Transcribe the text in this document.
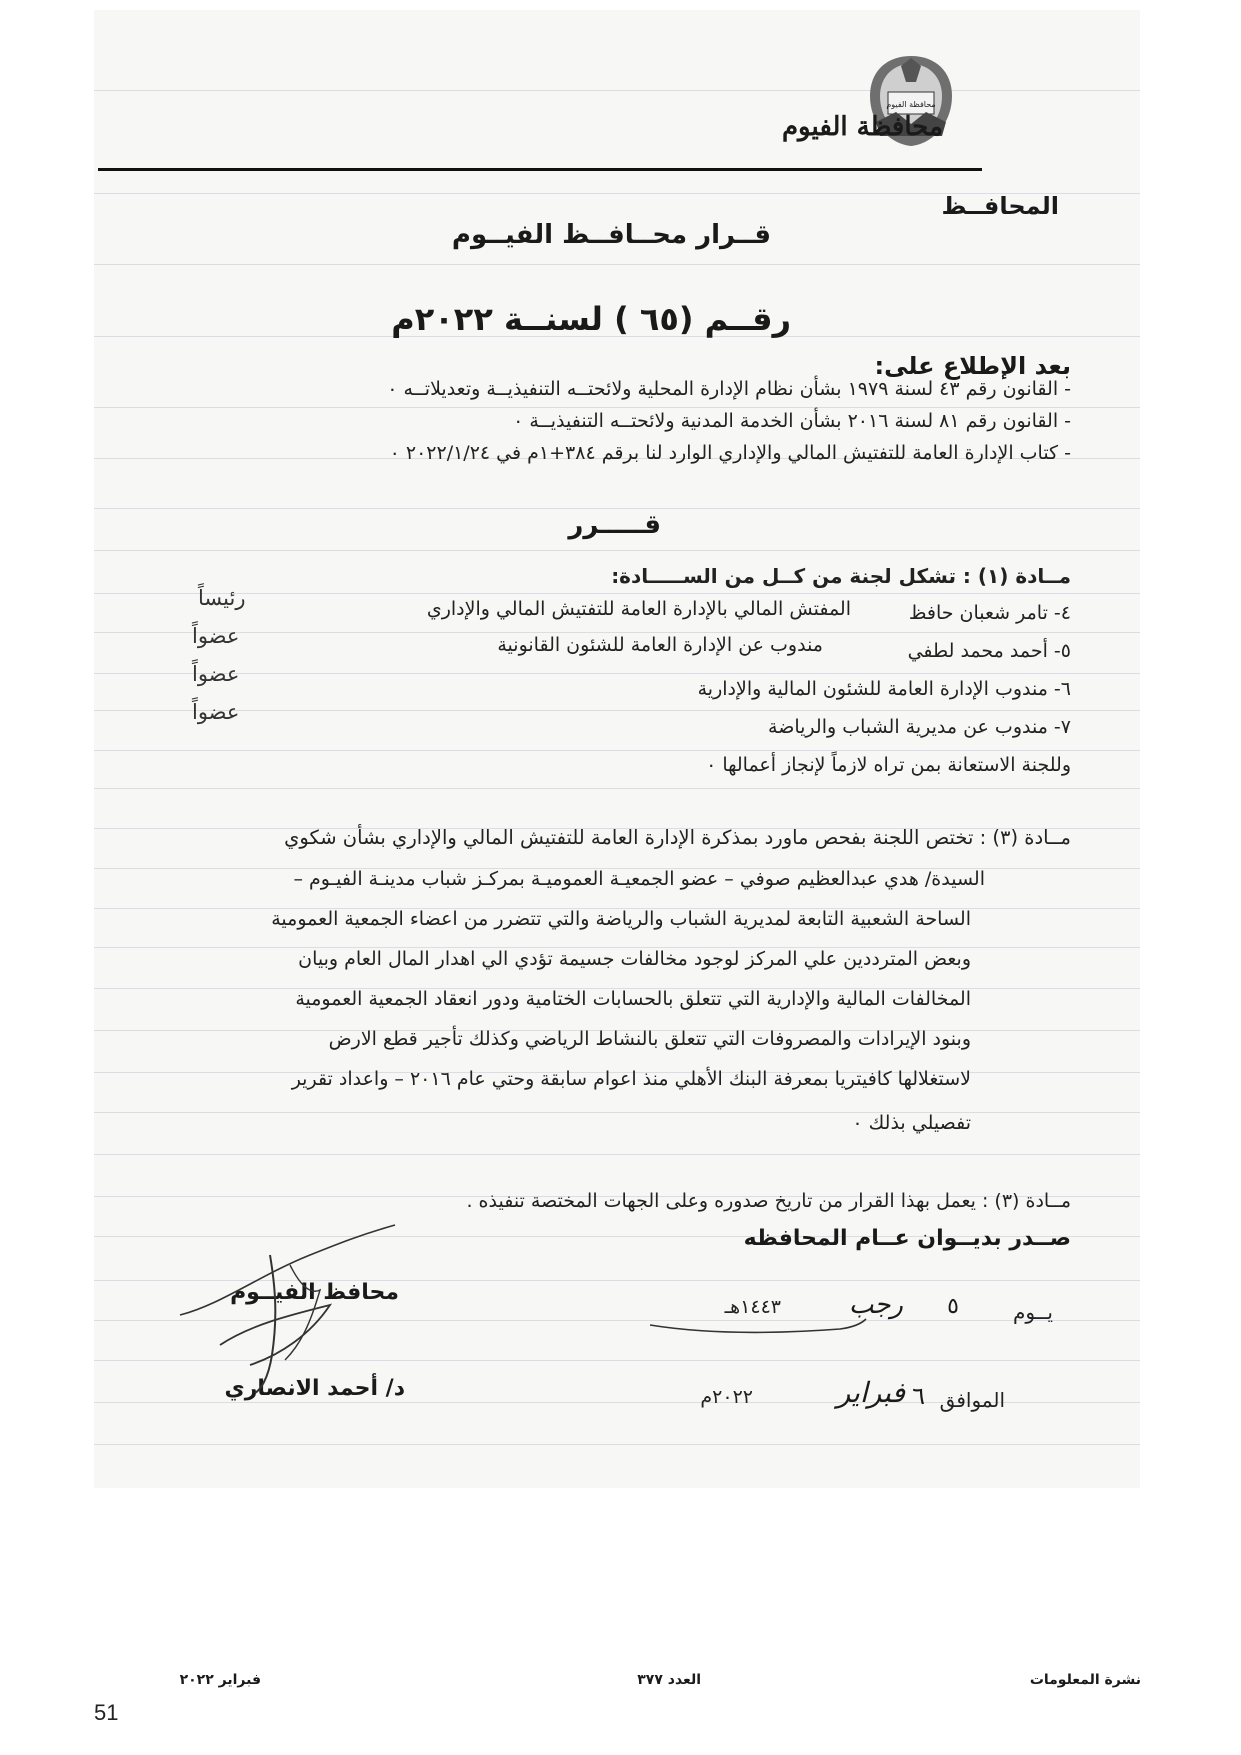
محافظة الفيوم
محافظة الفيوم
المحافــظ
قــرار محــافــظ الفيــوم
رقــم (٦٥ ) لسنــة ٢٠٢٢م
بعد الإطلاع على:
- القانون رقم ٤٣ لسنة ١٩٧٩ بشأن نظام الإدارة المحلية ولائحتــه التنفيذيــة وتعديلاتــه ٠
- القانون رقم ٨١ لسنة ٢٠١٦ بشأن الخدمة المدنية ولائحتــه التنفيذيــة ٠
- كتاب الإدارة العامة للتفتيش المالي والإداري الوارد لنا برقم ٣٨٤+١م في ٢٠٢٢/١/٢٤ ٠
قـــــرر
مــادة (١) : تشكل لجنة من كــل من الســـــادة:
٤- تامر شعبان حافظ
المفتش المالي بالإدارة العامة للتفتيش المالي والإداري
رئيساً
٥- أحمد محمد لطفي
مندوب عن الإدارة العامة للشئون القانونية
عضواً
٦- مندوب الإدارة العامة للشئون المالية والإدارية
عضواً
٧- مندوب عن مديرية الشباب والرياضة
عضواً
وللجنة الاستعانة بمن تراه لازماً لإنجاز أعمالها ٠
مــادة (٣) : تختص اللجنة بفحص ماورد بمذكرة الإدارة العامة للتفتيش المالي والإداري بشأن شكوي
السيدة/ هدي عبدالعظيم صوفي – عضو الجمعيـة العموميـة بمركـز شباب مدينـة الفيـوم –
الساحة الشعبية التابعة لمديرية الشباب والرياضة والتي تتضرر من اعضاء الجمعية العمومية
وبعض المترددين علي المركز لوجود مخالفات جسيمة تؤدي الي اهدار المال العام وبيان
المخالفات المالية والإدارية التي تتعلق بالحسابات الختامية ودور انعقاد الجمعية العمومية
وبنود الإيرادات والمصروفات التي تتعلق بالنشاط الرياضي وكذلك تأجير قطع الارض
لاستغلالها كافيتريا بمعرفة البنك الأهلي منذ اعوام سابقة وحتي عام ٢٠١٦ – واعداد تقرير
تفصيلي بذلك ٠
مــادة (٣) : يعمل بهذا القرار من تاريخ صدوره وعلى الجهات المختصة تنفيذه .
صــدر بديــوان عــام المحافظه
يــوم
٥
رجب
١٤٤٣هـ
الموافق
٦
فبراير
٢٠٢٢م
محافظ الفيــوم
د/ أحمد الانصاري
نشرة المعلومات
العدد ٣٧٧
فبراير ٢٠٢٢
51
